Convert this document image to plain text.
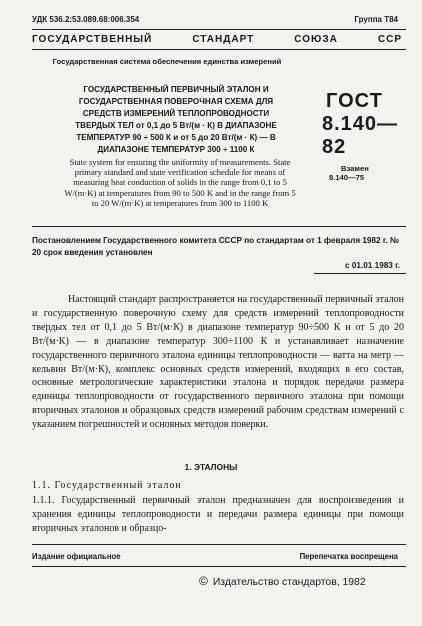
УДК 536.2:53.089.68:006.354	Группа Т84
ГОСУДАРСТВЕННЫЙ СТАНДАРТ СОЮЗА ССР
Государственная система обеспечения единства измерений
ГОСУДАРСТВЕННЫЙ ПЕРВИЧНЫЙ ЭТАЛОН И ГОСУДАРСТВЕННАЯ ПОВЕРОЧНАЯ СХЕМА ДЛЯ СРЕДСТВ ИЗМЕРЕНИЙ ТЕПЛОПРОВОДНОСТИ ТВЕРДЫХ ТЕЛ от 0,1 до 5 Вт/(м · К) В ДИАПАЗОНЕ ТЕМПЕРАТУР 90 ÷ 500 К и от 5 до 20 Вт/(м · К) — В ДИАПАЗОНЕ ТЕМПЕРАТУР 300 ÷ 1100 К
ГОСТ
8.140—82
State system for ensuring the uniformity of measurements. State primary standard and state verification schedule for means of measuring heat conduction of solids in the range from 0,1 to 5 W/(m·K) at temperatures from 90 to 500 K and in the range from 5 to 20 W/(m·K) at temperatures from 300 to 1100 K
Взамен
8.140—75
Постановлением Государственного комитета СССР по стандартам от 1 февраля 1982 г. № 20 срок введения установлен
с 01.01 1983 г.

Настоящий стандарт распространяется на государственный первичный эталон и государственную поверочную схему для средств измерений теплопроводности твердых тел от 0,1 до 5 Вт/(м·К) в диапазоне температур 90÷500 К и от 5 до 20 Вт/(м·К) — в диапазоне температур 300÷1100 К и устанавливает назначение государственного первичного эталона единицы теплопроводности — ватта на метр — кельвин Вт/(м·К), комплекс основных средств измерений, входящих в его состав, основные метрологические характеристики эталона и порядок передачи размера единицы теплопроводности от государственного первичного эталона при помощи вторичных эталонов и образцовых средств измерений рабочим средствам измерений с указанием погрешностей и основных методов поверки.

1. ЭТАЛОНЫ
1.1. Государственный эталон

1.1.1. Государственный первичный эталон предназначен для воспроизведения и хранения единицы теплопроводности и передачи размера единицы при помощи вторичных эталонов и образцо-

Издание официальное	Перепечатка воспрещена
© Издательство стандартов, 1982
